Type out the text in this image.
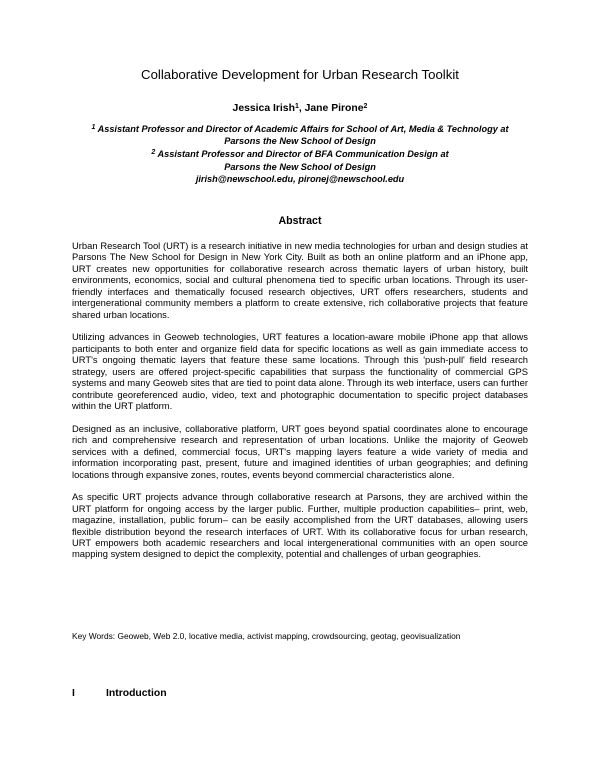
Collaborative Development for Urban Research Toolkit
Jessica Irish$^1$, Jane Pirone$^2$
$^1$ Assistant Professor and Director of Academic Affairs for School of Art, Media & Technology at
Parsons the New School of Design
$^2$ Assistant Professor and Director of BFA Communication Design at
Parsons the New School of Design
jirish@newschool.edu, pironej@newschool.edu
Abstract

Urban Research Tool (URT) is a research initiative in new media technologies for urban and design studies at Parsons The New School for Design in New York City. Built as both an online platform and an iPhone app, URT creates new opportunities for collaborative research across thematic layers of urban history, built environments, economics, social and cultural phenomena tied to specific urban locations. Through its user-friendly interfaces and thematically focused research objectives, URT offers researchers, students and intergenerational community members a platform to create extensive, rich collaborative projects that feature shared urban locations.

Utilizing advances in Geoweb technologies, URT features a location-aware mobile iPhone app that allows participants to both enter and organize field data for specific locations as well as gain immediate access to URT's ongoing thematic layers that feature these same locations. Through this 'push-pull' field research strategy, users are offered project-specific capabilities that surpass the functionality of commercial GPS systems and many Geoweb sites that are tied to point data alone. Through its web interface, users can further contribute georeferenced audio, video, text and photographic documentation to specific project databases within the URT platform.

Designed as an inclusive, collaborative platform, URT goes beyond spatial coordinates alone to encourage rich and comprehensive research and representation of urban locations. Unlike the majority of Geoweb services with a defined, commercial focus, URT's mapping layers feature a wide variety of media and information incorporating past, present, future and imagined identities of urban geographies; and defining locations through expansive zones, routes, events beyond commercial characteristics alone.

As specific URT projects advance through collaborative research at Parsons, they are archived within the URT platform for ongoing access by the larger public. Further, multiple production capabilities– print, web, magazine, installation, public forum– can be easily accomplished from the URT databases, allowing users flexible distribution beyond the research interfaces of URT. With its collaborative focus for urban research, URT empowers both academic researchers and local intergenerational communities with an open source mapping system designed to depict the complexity, potential and challenges of urban geographies.

Key Words: Geoweb, Web 2.0, locative media, activist mapping, crowdsourcing, geotag, geovisualization
I	Introduction
